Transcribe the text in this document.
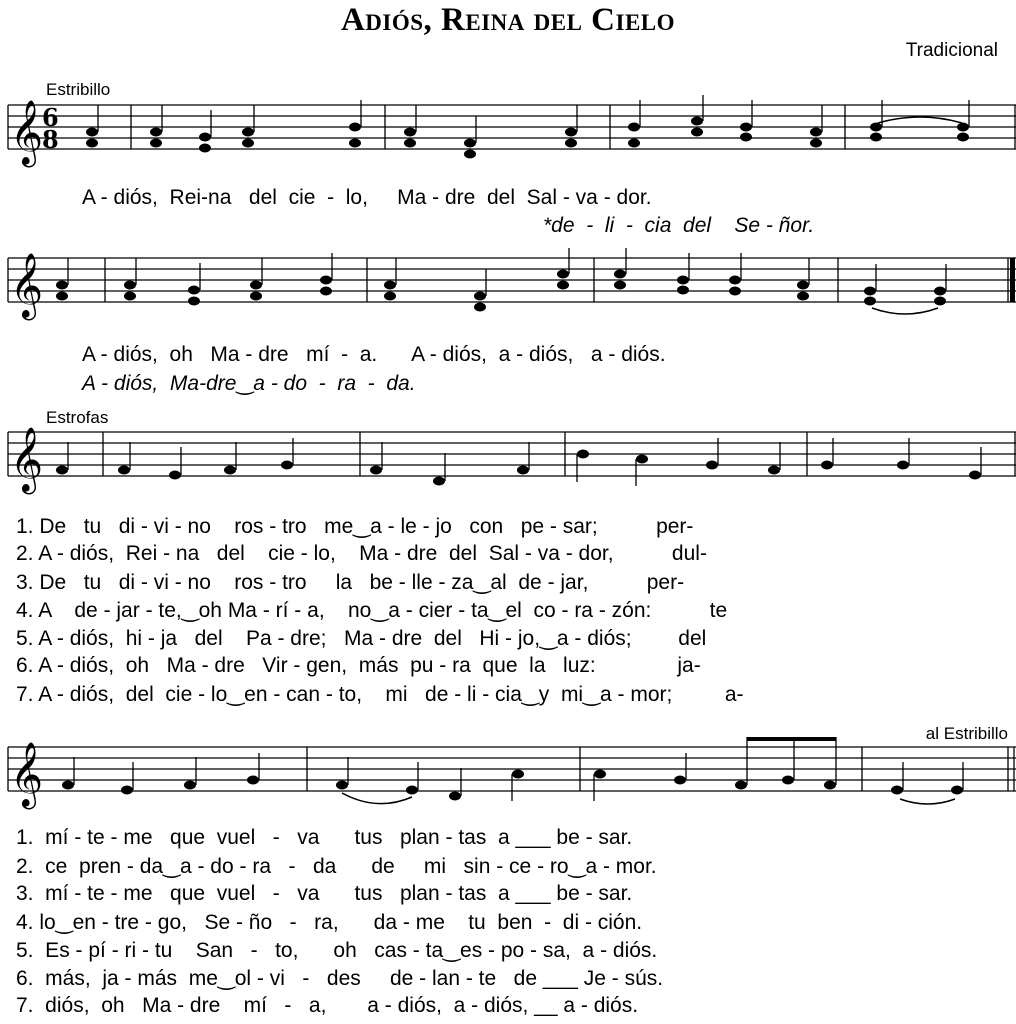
Adiós, Reina del Cielo
Tradicional
Estribillo
Estrofas
al Estribillo
𝄞
6
8
A - diós,  Rei-na   del  cie  -  lo,     Ma - dre  del  Sal - va - dor.
*de  -  li  -  cia  del    Se - ñor.
𝄞
A - diós,  oh   Ma - dre   mí  -  a.      A - diós,  a - diós,   a - diós.
A - diós,  Ma-dre‿a - do  -  ra  -  da.
𝄞
1. De   tu   di - vi - no    ros - tro   me‿a - le - jo   con   pe - sar;          per-
2. A - diós,  Rei - na   del    cie - lo,    Ma - dre  del  Sal - va - dor,          dul-
3. De   tu   di - vi - no    ros - tro     la   be - lle - za‿al  de - jar,          per-
4. A    de - jar - te,‿oh Ma - rí - a,    no‿a - cier - ta‿el  co - ra - zón:          te
5. A - diós,  hi - ja   del    Pa - dre;   Ma - dre  del   Hi - jo,‿a - diós;        del
6. A - diós,  oh   Ma - dre   Vir - gen,  más  pu - ra  que  la   luz:              ja-
7. A - diós,  del  cie - lo‿en - can - to,    mi   de - li - cia‿y  mi‿a - mor;         a-
𝄞
1.  mí - te - me   que  vuel   -   va      tus   plan - tas  a ___ be - sar.
2.  ce  pren - da‿a - do - ra   -   da      de     mi   sin - ce - ro‿a - mor.
3.  mí - te - me   que  vuel   -   va      tus   plan - tas  a ___ be - sar.
4. lo‿en - tre - go,   Se - ño   -   ra,      da - me    tu  ben  -  di - ción.
5.  Es - pí - ri - tu    San   -   to,      oh   cas - ta‿es - po - sa,  a - diós.
6.  más,  ja - más  me‿ol - vi   -   des     de - lan - te   de ___ Je - sús.
7.  diós,  oh   Ma - dre    mí   -   a,       a - diós,  a - diós, __ a - diós.
